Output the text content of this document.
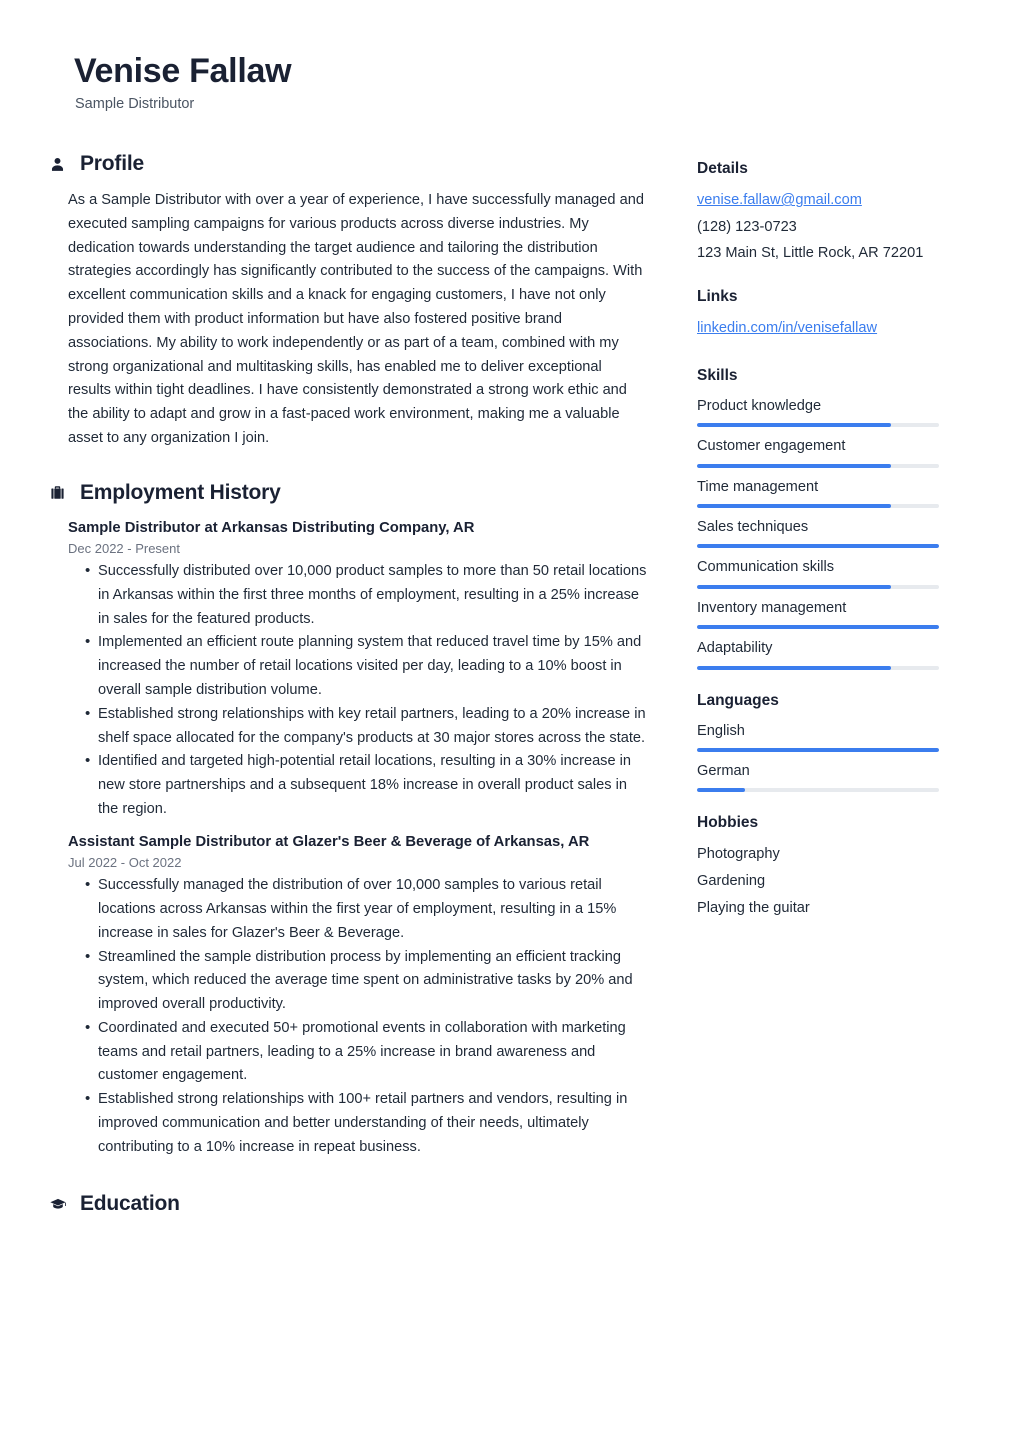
Venise Fallaw
Sample Distributor
Profile

As a Sample Distributor with over a year of experience, I have successfully managed and executed sampling campaigns for various products across diverse industries. My dedication towards understanding the target audience and tailoring the distribution strategies accordingly has significantly contributed to the success of the campaigns. With excellent communication skills and a knack for engaging customers, I have not only provided them with product information but have also fostered positive brand associations. My ability to work independently or as part of a team, combined with my strong organizational and multitasking skills, has enabled me to deliver exceptional results within tight deadlines. I have consistently demonstrated a strong work ethic and the ability to adapt and grow in a fast-paced work environment, making me a valuable asset to any organization I join.

Employment History
Sample Distributor at Arkansas Distributing Company, AR
Dec 2022 - Present
• Successfully distributed over 10,000 product samples to more than 50 retail locations in Arkansas within the first three months of employment, resulting in a 25% increase in sales for the featured products.
• Implemented an efficient route planning system that reduced travel time by 15% and increased the number of retail locations visited per day, leading to a 10% boost in overall sample distribution volume.
• Established strong relationships with key retail partners, leading to a 20% increase in shelf space allocated for the company's products at 30 major stores across the state.
• Identified and targeted high-potential retail locations, resulting in a 30% increase in new store partnerships and a subsequent 18% increase in overall product sales in the region.
Assistant Sample Distributor at Glazer's Beer & Beverage of Arkansas, AR
Jul 2022 - Oct 2022
• Successfully managed the distribution of over 10,000 samples to various retail locations across Arkansas within the first year of employment, resulting in a 15% increase in sales for Glazer's Beer & Beverage.
• Streamlined the sample distribution process by implementing an efficient tracking system, which reduced the average time spent on administrative tasks by 20% and improved overall productivity.
• Coordinated and executed 50+ promotional events in collaboration with marketing teams and retail partners, leading to a 25% increase in brand awareness and customer engagement.
• Established strong relationships with 100+ retail partners and vendors, resulting in improved communication and better understanding of their needs, ultimately contributing to a 10% increase in repeat business.
Education
Details
venise.fallaw@gmail.com
(128) 123-0723
123 Main St, Little Rock, AR 72201
Links
linkedin.com/in/venisefallaw
Skills
Product knowledge
Customer engagement
Time management
Sales techniques
Communication skills
Inventory management
Adaptability
Languages
English
German
Hobbies
Photography
Gardening
Playing the guitar
